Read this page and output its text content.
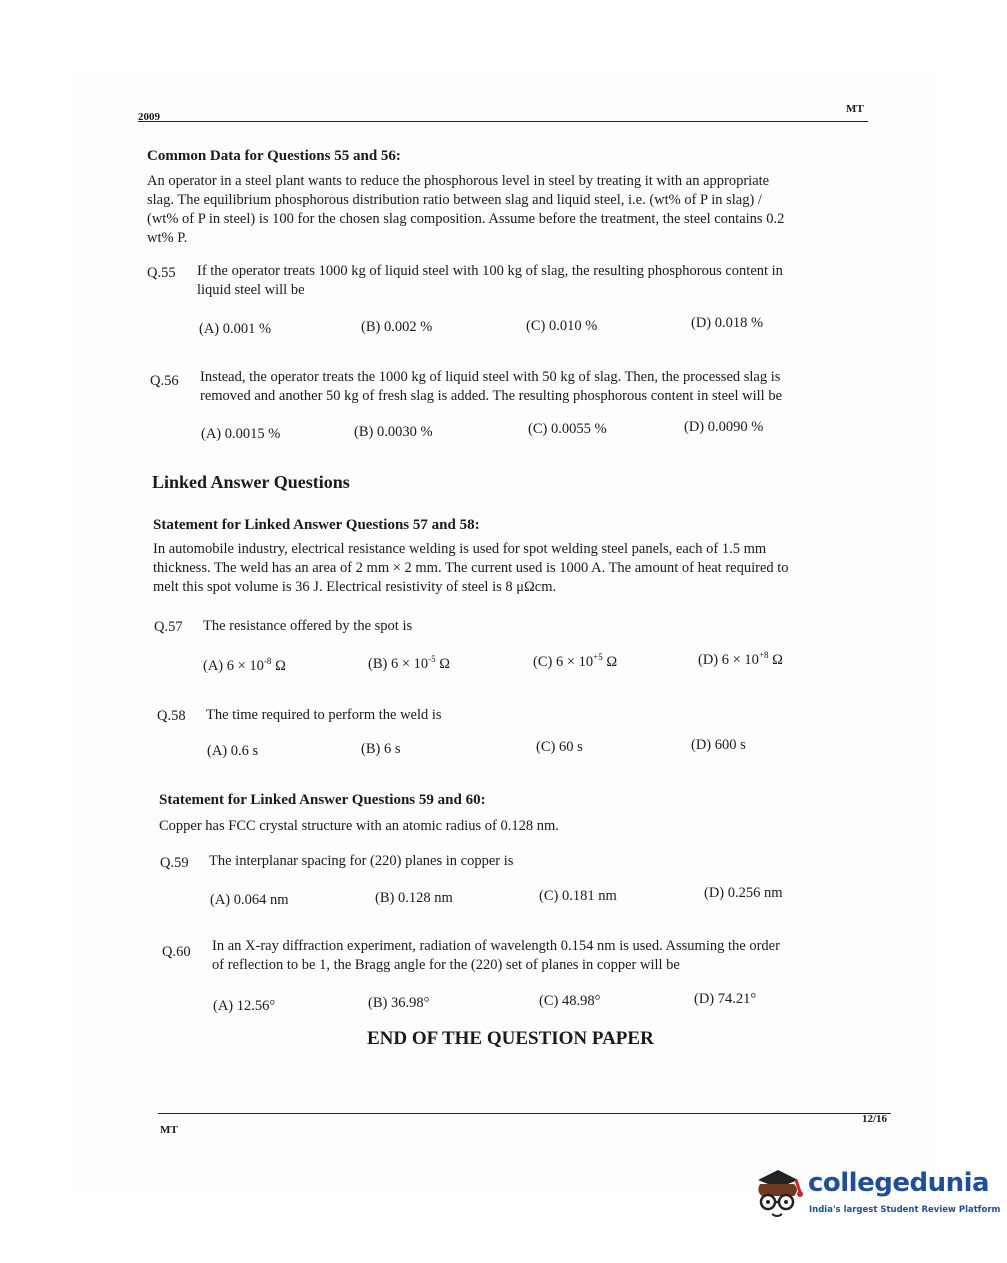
2009
MT
Common Data for Questions 55 and 56:
An operator in a steel plant wants to reduce the phosphorous level in steel by treating it with an appropriate
slag. The equilibrium phosphorous distribution ratio between slag and liquid steel, i.e. (wt% of P in slag) /
(wt% of P in steel) is 100 for the chosen slag composition. Assume before the treatment, the steel contains 0.2
wt% P.
Q.55 If the operator treats 1000 kg of liquid steel with 100 kg of slag, the resulting phosphorous content in
liquid steel will be
(A) 0.001 %	(B) 0.002 %	(C) 0.010 %	(D) 0.018 %
Q.56 Instead, the operator treats the 1000 kg of liquid steel with 50 kg of slag. Then, the processed slag is
removed and another 50 kg of fresh slag is added. The resulting phosphorous content in steel will be
(A) 0.0015 %	(B) 0.0030 %	(C) 0.0055 %	(D) 0.0090 %
Linked Answer Questions
Statement for Linked Answer Questions 57 and 58:
In automobile industry, electrical resistance welding is used for spot welding steel panels, each of 1.5 mm
thickness. The weld has an area of 2 mm × 2 mm. The current used is 1000 A. The amount of heat required to
melt this spot volume is 36 J. Electrical resistivity of steel is 8 μΩcm.
Q.57 The resistance offered by the spot is
(A) $6 \times 10^{-8}$ Ω	(B) $6 \times 10^{-5}$ Ω	(C) $6 \times 10^{+5}$ Ω	(D) $6 \times 10^{+8}$ Ω
Q.58 The time required to perform the weld is
(A) 0.6 s	(B) 6 s	(C) 60 s	(D) 600 s
Statement for Linked Answer Questions 59 and 60:
Copper has FCC crystal structure with an atomic radius of 0.128 nm.
Q.59 The interplanar spacing for (220) planes in copper is
(A) 0.064 nm	(B) 0.128 nm	(C) 0.181 nm	(D) 0.256 nm
Q.60 In an X-ray diffraction experiment, radiation of wavelength 0.154 nm is used. Assuming the order
of reflection to be 1, the Bragg angle for the (220) set of planes in copper will be
(A) 12.56°	(B) 36.98°	(C) 48.98°	(D) 74.21°
END OF THE QUESTION PAPER
MT
12/16
collegedunia
India's largest Student Review Platform
